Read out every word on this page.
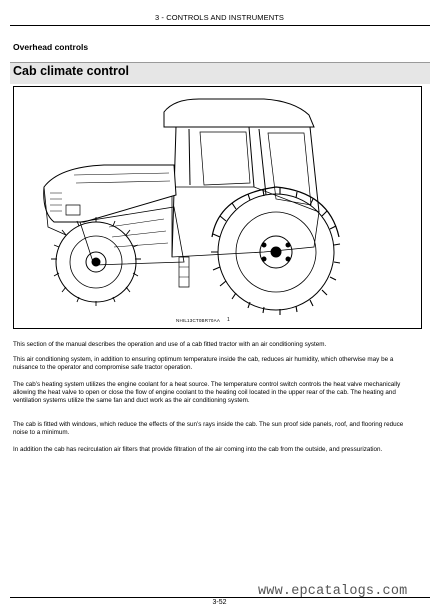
3 - CONTROLS AND INSTRUMENTS
Overhead controls
Cab climate control
NHIL13CT0BR70AA 1

This section of the manual describes the operation and use of a cab fitted tractor with an air conditioning system.

This air conditioning system, in addition to ensuring optimum temperature inside the cab, reduces air humidity, which otherwise may be a nuisance to the operator and compromise safe tractor operation.

The cab’s heating system utilizes the engine coolant for a heat source. The temperature control switch controls the heat valve mechanically allowing the heat valve to open or close the flow of engine coolant to the heating coil located in the upper rear of the cab. The heating and ventilation systems utilize the same fan and duct work as the air conditioning system.

The cab is fitted with windows, which reduce the effects of the sun’s rays inside the cab. The sun proof side panels, roof, and flooring reduce noise to a minimum.

In addition the cab has recirculation air filters that provide filtration of the air coming into the cab from the outside, and pressurization.

www.epcatalogs.com
3-52
